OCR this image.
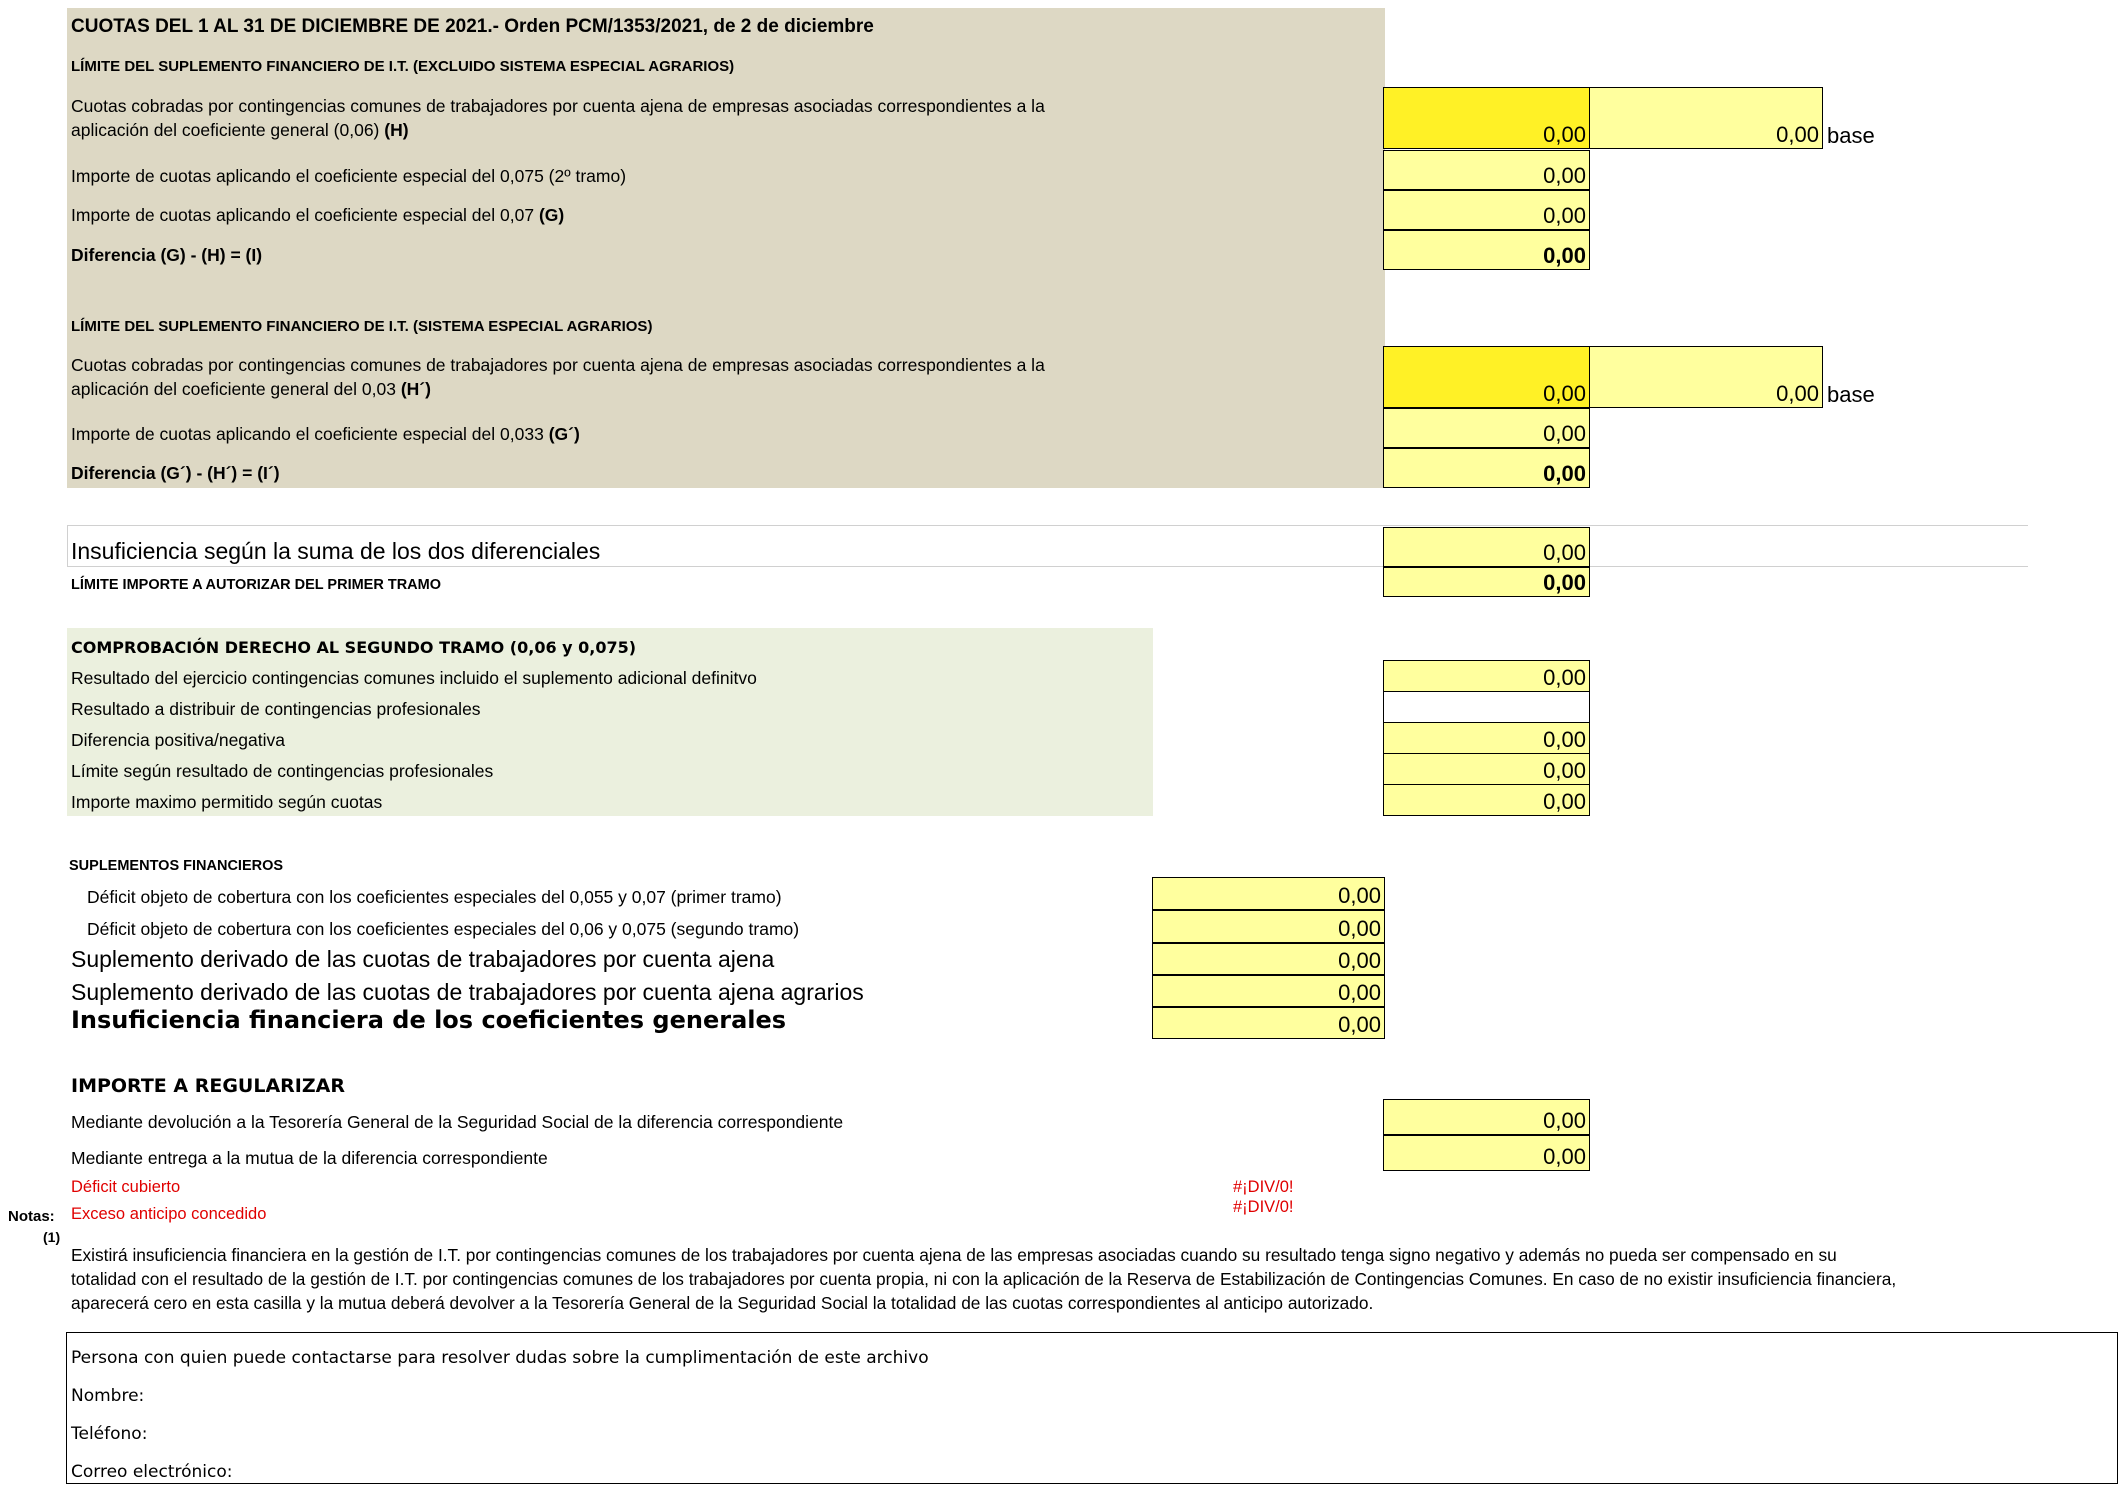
CUOTAS DEL 1 AL 31 DE DICIEMBRE DE 2021.- Orden PCM/1353/2021, de 2 de diciembre
LÍMITE DEL SUPLEMENTO FINANCIERO DE I.T. (EXCLUIDO SISTEMA ESPECIAL AGRARIOS)
Cuotas cobradas por contingencias comunes de trabajadores por cuenta ajena de empresas asociadas correspondientes a la
aplicación del coeficiente general (0,06) (H)	0,00	0,00 base
Importe de cuotas aplicando el coeficiente especial del 0,075 (2º tramo)	0,00
Importe de cuotas aplicando el coeficiente especial del 0,07 (G)	0,00
Diferencia (G) - (H) = (I)	0,00
LÍMITE DEL SUPLEMENTO FINANCIERO DE I.T. (SISTEMA ESPECIAL AGRARIOS)
Cuotas cobradas por contingencias comunes de trabajadores por cuenta ajena de empresas asociadas correspondientes a la
aplicación del coeficiente general del 0,03 (H´)	0,00	0,00 base
Importe de cuotas aplicando el coeficiente especial del 0,033 (G´)	0,00
Diferencia (G´) - (H´) = (I´)	0,00
Insuficiencia según la suma de los dos diferenciales	0,00
LÍMITE IMPORTE A AUTORIZAR DEL PRIMER TRAMO	0,00
COMPROBACIÓN DERECHO AL SEGUNDO TRAMO (0,06 y 0,075)
Resultado del ejercicio contingencias comunes incluido el suplemento adicional definitvo	0,00
Resultado a distribuir de contingencias profesionales
Diferencia positiva/negativa	0,00
Límite según resultado de contingencias profesionales	0,00
Importe maximo permitido según cuotas	0,00
SUPLEMENTOS FINANCIEROS
Déficit objeto de cobertura con los coeficientes especiales del 0,055 y 0,07 (primer tramo)	0,00
Déficit objeto de cobertura con los coeficientes especiales del 0,06 y 0,075 (segundo tramo)	0,00
Suplemento derivado de las cuotas de trabajadores por cuenta ajena	0,00
Suplemento derivado de las cuotas de trabajadores por cuenta ajena agrarios	0,00
Insuficiencia financiera de los coeficientes generales	0,00
IMPORTE A REGULARIZAR
Mediante devolución a la Tesorería General de la Seguridad Social de la diferencia correspondiente	0,00
Mediante entrega a la mutua de la diferencia correspondiente	0,00
Déficit cubierto	#¡DIV/0!
Exceso anticipo concedido	#¡DIV/0!
Notas:
(1)
Existirá insuficiencia financiera en la gestión de I.T. por contingencias comunes de los trabajadores por cuenta ajena de las empresas asociadas cuando su resultado tenga signo negativo y además no pueda ser compensado en su
totalidad con el resultado de la gestión de I.T. por contingencias comunes de los trabajadores por cuenta propia, ni con la aplicación de la Reserva de Estabilización de Contingencias Comunes. En caso de no existir insuficiencia financiera,
aparecerá cero en esta casilla y la mutua deberá devolver a la Tesorería General de la Seguridad Social la totalidad de las cuotas correspondientes al anticipo autorizado.
Persona con quien puede contactarse para resolver dudas sobre la cumplimentación de este archivo
Nombre:
Teléfono:
Correo electrónico:
